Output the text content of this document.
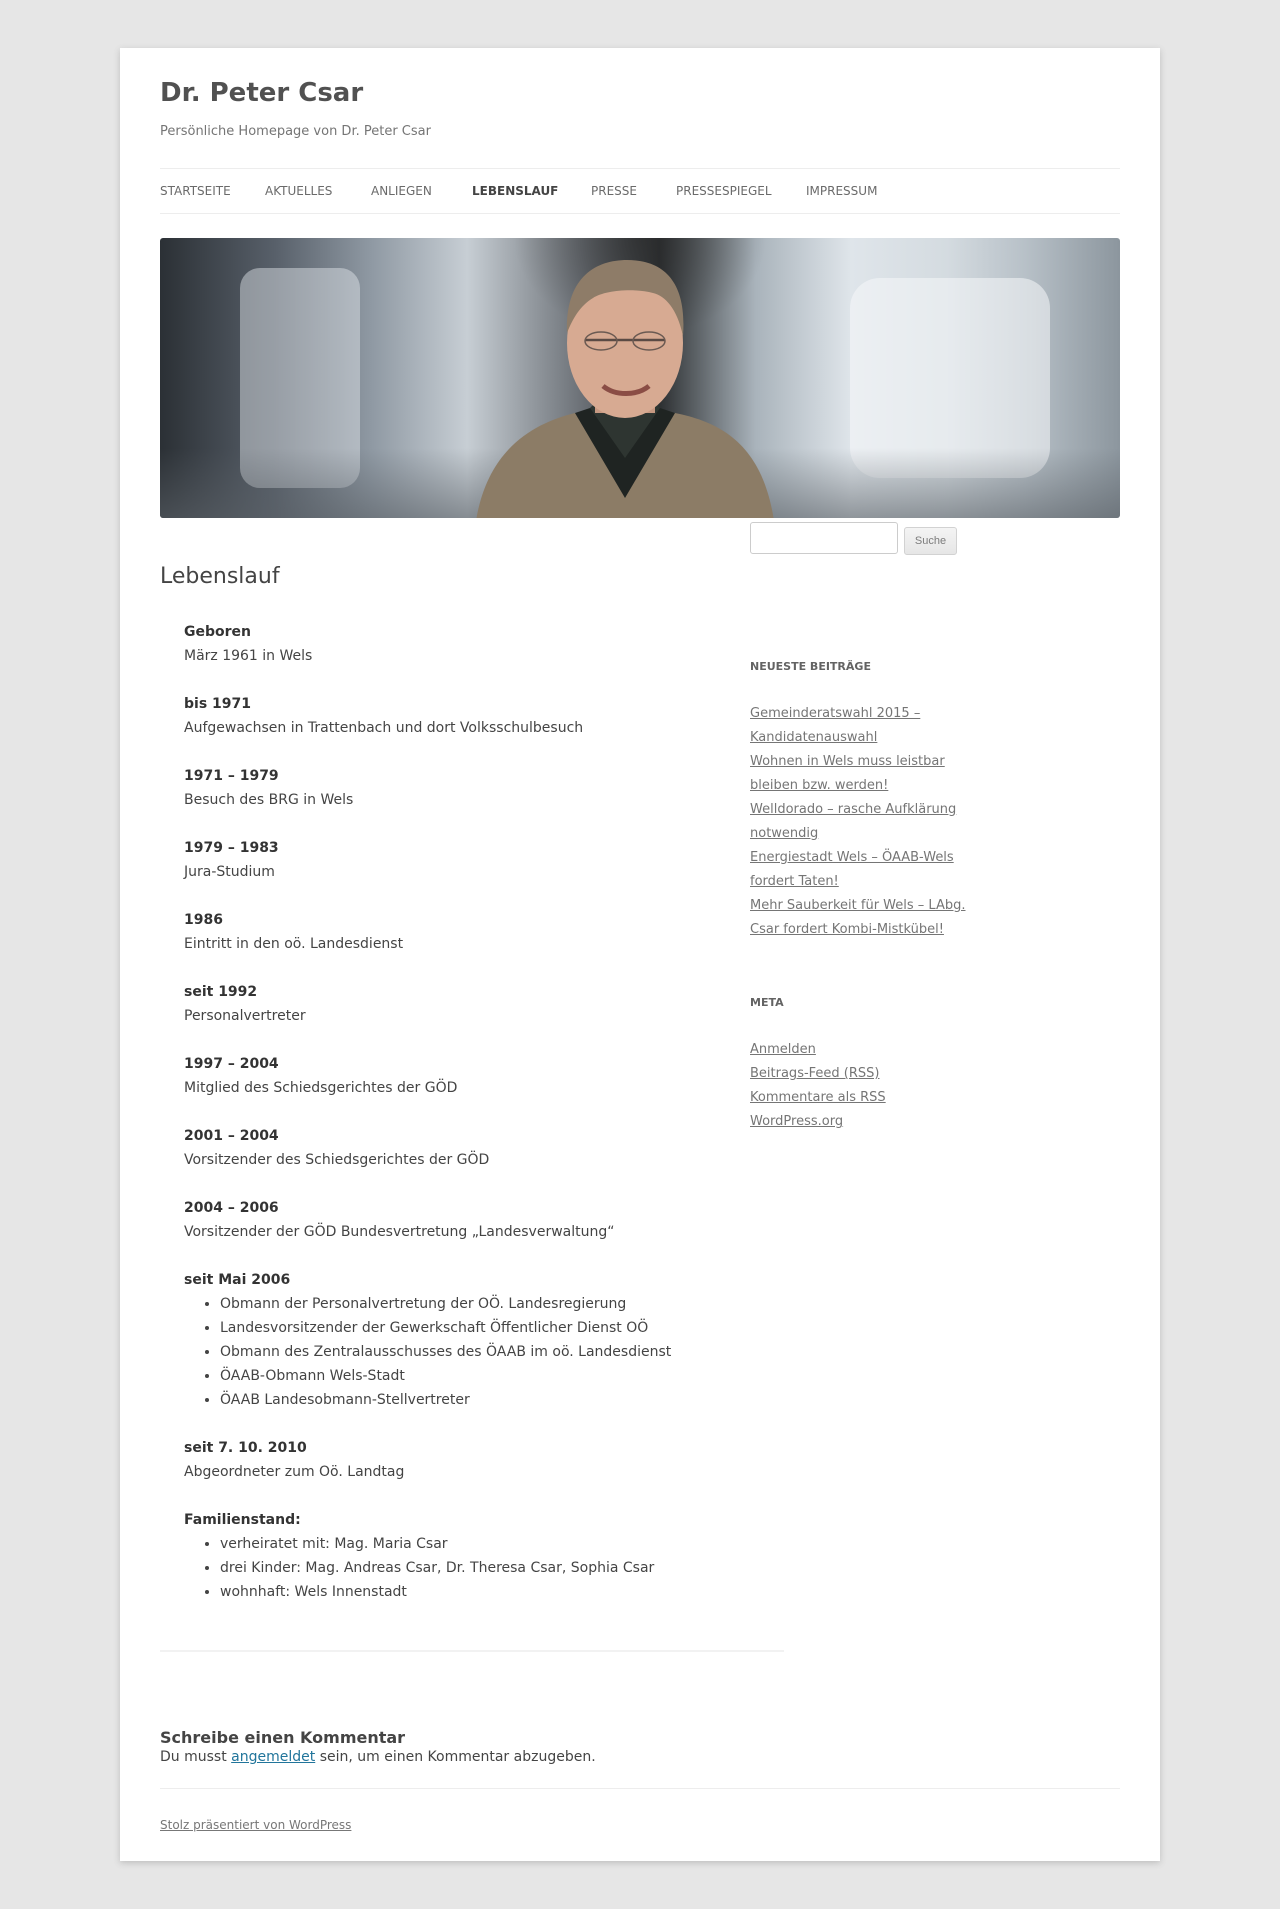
Dr. Peter Csar

Persönliche Homepage von Dr. Peter Csar

STARTSEITE	AKTUELLES	ANLIEGEN	LEBENSLAUF	PRESSE	PRESSESPIEGEL	IMPRESSUM
Lebenslauf
Geboren
März 1961 in Wels
bis 1971
Aufgewachsen in Trattenbach und dort Volksschulbesuch
1971 – 1979
Besuch des BRG in Wels
1979 – 1983
Jura-Studium
1986
Eintritt in den oö. Landesdienst
seit 1992
Personalvertreter
1997 – 2004
Mitglied des Schiedsgerichtes der GÖD
2001 – 2004
Vorsitzender des Schiedsgerichtes der GÖD
2004 – 2006
Vorsitzender der GÖD Bundesvertretung „Landesverwaltung“
seit Mai 2006
• Obmann der Personalvertretung der OÖ. Landesregierung
• Landesvorsitzender der Gewerkschaft Öffentlicher Dienst OÖ
• Obmann des Zentralausschusses des ÖAAB im oö. Landesdienst
• ÖAAB-Obmann Wels-Stadt
• ÖAAB Landesobmann-Stellvertreter
seit 7. 10. 2010
Abgeordneter zum Oö. Landtag
Familienstand:
• verheiratet mit: Mag. Maria Csar
• drei Kinder: Mag. Andreas Csar, Dr. Theresa Csar, Sophia Csar
• wohnhaft: Wels Innenstadt
Schreibe einen Kommentar

Du musst angemeldet sein, um einen Kommentar abzugeben.

Stolz präsentiert von WordPress
Suche
NEUESTE BEITRÄGE
Gemeinderatswahl 2015 – Kandidatenauswahl
Wohnen in Wels muss leistbar bleiben bzw. werden!
Welldorado – rasche Aufklärung notwendig
Energiestadt Wels – ÖAAB-Wels fordert Taten!
Mehr Sauberkeit für Wels – LAbg. Csar fordert Kombi-Mistkübel!
META
Anmelden
Beitrags-Feed (RSS)
Kommentare als RSS
WordPress.org
